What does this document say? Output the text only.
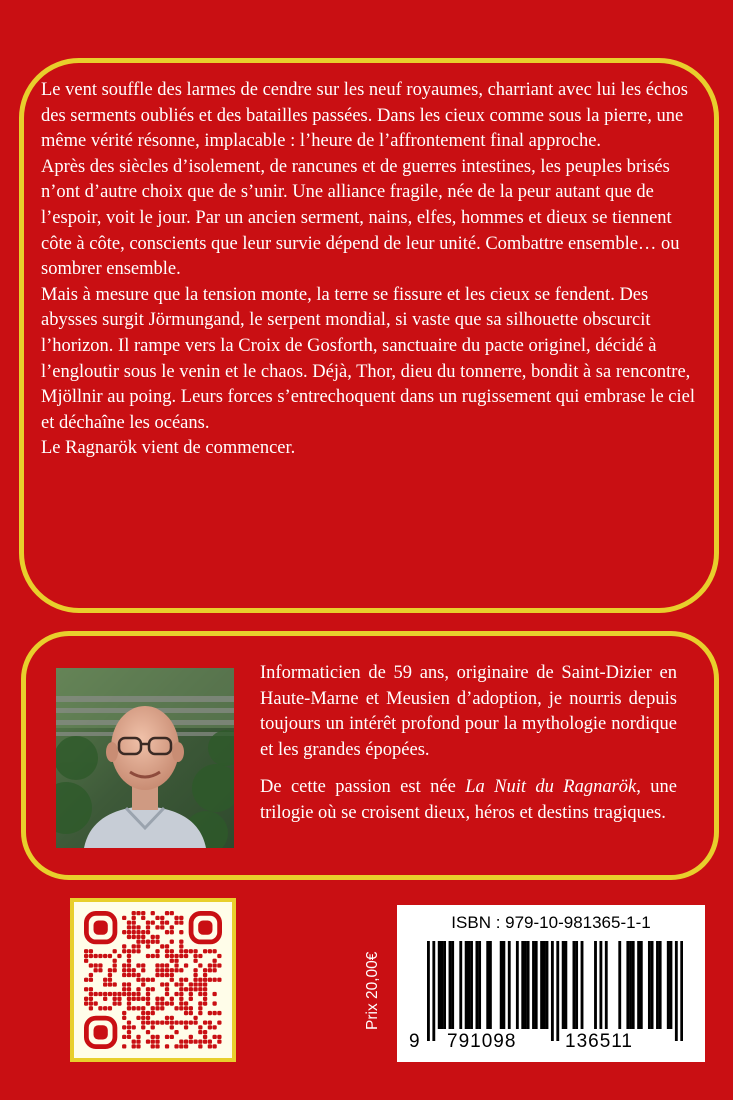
Le vent souffle des larmes de cendre sur les neuf royaumes, charriant avec lui les échos des serments oubliés et des batailles passées. Dans les cieux comme sous la pierre, une même vérité résonne, implacable : l’heure de l’affrontement final approche.

Après des siècles d’isolement, de rancunes et de guerres intestines, les peuples brisés n’ont d’autre choix que de s’unir. Une alliance fragile, née de la peur autant que de l’espoir, voit le jour. Par un ancien serment, nains, elfes, hommes et dieux se tiennent côte à côte, conscients que leur survie dépend de leur unité. Combattre ensemble… ou sombrer ensemble.

Mais à mesure que la tension monte, la terre se fissure et les cieux se fendent. Des abysses surgit Jörmungand, le serpent mondial, si vaste que sa silhouette obscurcit l’horizon. Il rampe vers la Croix de Gosforth, sanctuaire du pacte originel, décidé à l’engloutir sous le venin et le chaos. Déjà, Thor, dieu du tonnerre, bondit à sa rencontre, Mjöllnir au poing. Leurs forces s’entrechoquent dans un rugissement qui embrase le ciel et déchaîne les océans.

Le Ragnarök vient de commencer.

Informaticien de 59 ans, originaire de Saint-Dizier en Haute-Marne et Meusien d’adoption, je nourris depuis toujours un intérêt profond pour la mythologie nordique et les grandes épopées.

De cette passion est née La Nuit du Ragnarök, une trilogie où se croisent dieux, héros et destins tragiques.

Prix 20,00€
ISBN : 979-10-981365-1-1
9 791098	136511
